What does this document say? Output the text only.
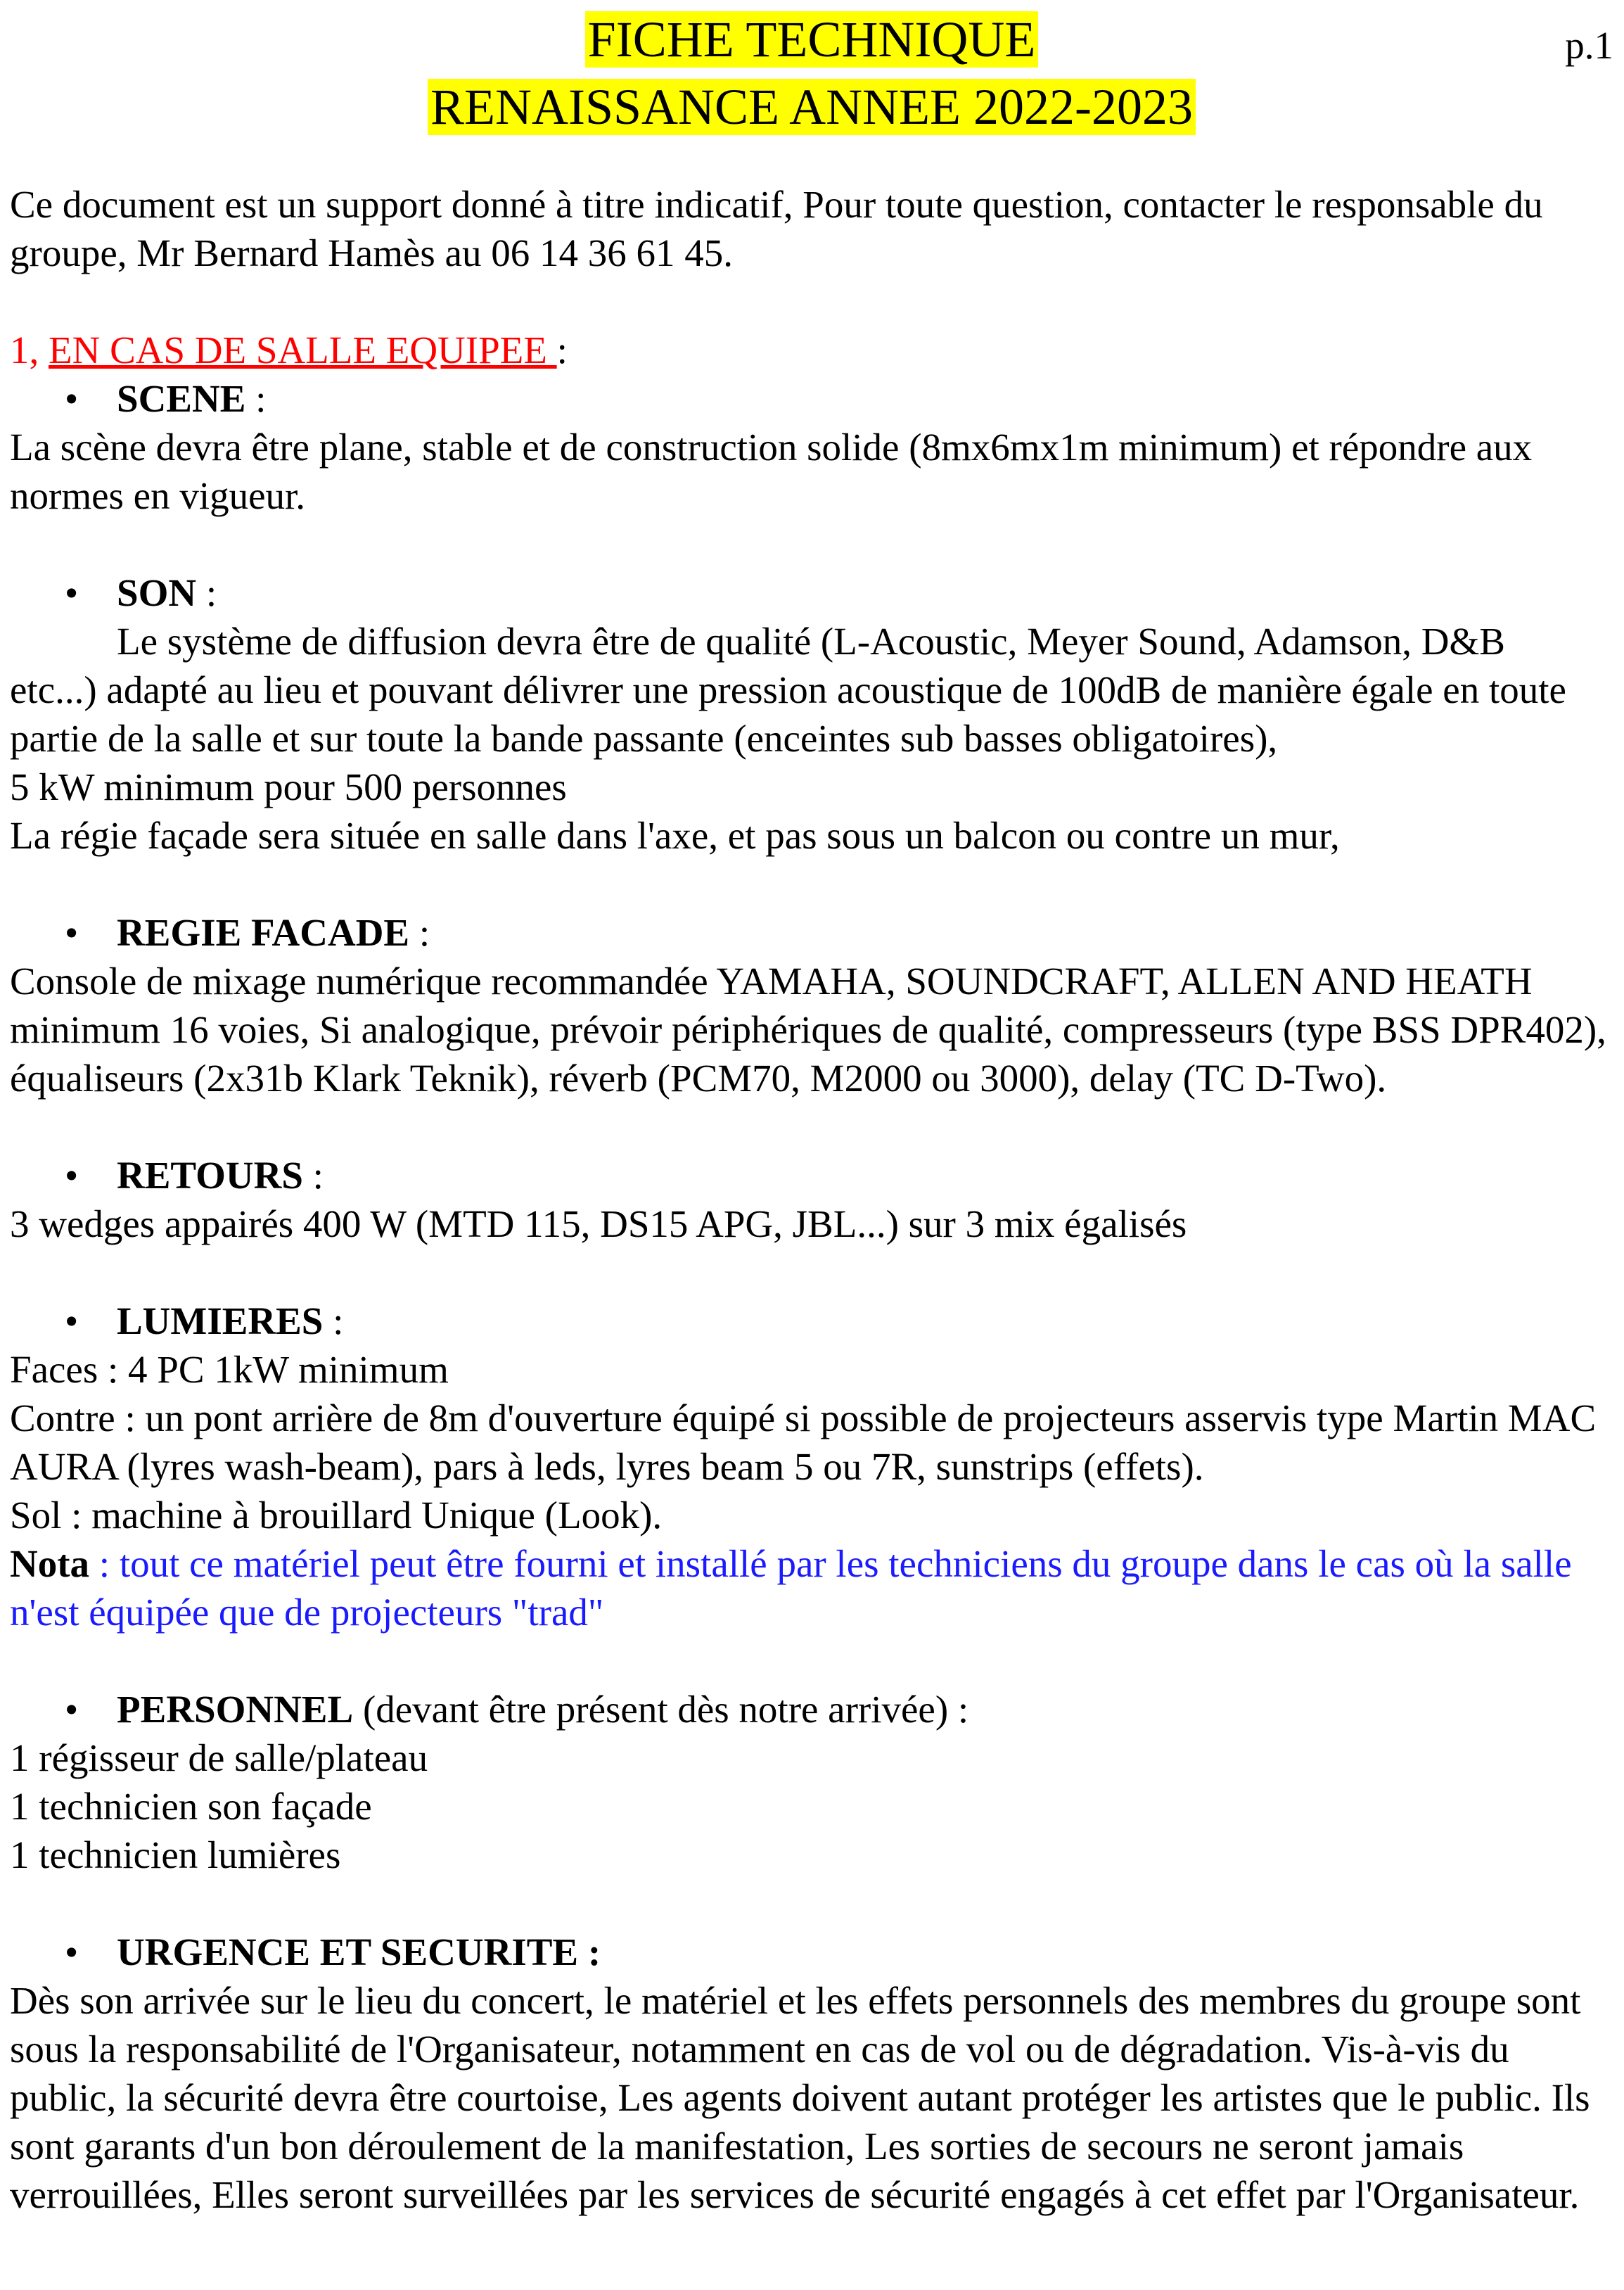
FICHE TECHNIQUE
RENAISSANCE ANNEE 2022-2023
p.1

Ce document est un support donné à titre indicatif, Pour toute question, contacter le responsable du groupe, Mr Bernard Hamès au 06 14 36 61 45.

1, EN CAS DE SALLE EQUIPEE :

• SCENE :

La scène devra être plane, stable et de construction solide (8mx6mx1m minimum) et répondre aux normes en vigueur.

• SON :

Le système de diffusion devra être de qualité (L-Acoustic, Meyer Sound, Adamson, D&B

etc...) adapté au lieu et pouvant délivrer une pression acoustique de 100dB de manière égale en toute partie de la salle et sur toute la bande passante (enceintes sub basses obligatoires),

5 kW minimum pour 500 personnes

La régie façade sera située en salle dans l'axe, et pas sous un balcon ou contre un mur,

• REGIE FACADE :

Console de mixage numérique recommandée YAMAHA, SOUNDCRAFT, ALLEN AND HEATH minimum 16 voies, Si analogique, prévoir périphériques de qualité, compresseurs (type BSS DPR402), équaliseurs (2x31b Klark Teknik), réverb (PCM70, M2000 ou 3000), delay (TC D-Two).

• RETOURS :

3 wedges appairés 400 W (MTD 115, DS15 APG, JBL...) sur 3 mix égalisés

• LUMIERES :

Faces : 4 PC 1kW minimum

Contre : un pont arrière de 8m d'ouverture équipé si possible de projecteurs asservis type Martin MAC AURA (lyres wash-beam), pars à leds, lyres beam 5 ou 7R, sunstrips (effets).

Sol : machine à brouillard Unique (Look).

Nota : tout ce matériel peut être fourni et installé par les techniciens du groupe dans le cas où la salle n'est équipée que de projecteurs "trad"

• PERSONNEL (devant être présent dès notre arrivée) :

1 régisseur de salle/plateau

1 technicien son façade

1 technicien lumières

• URGENCE ET SECURITE :

Dès son arrivée sur le lieu du concert, le matériel et les effets personnels des membres du groupe sont sous la responsabilité de l'Organisateur, notamment en cas de vol ou de dégradation. Vis-à-vis du public, la sécurité devra être courtoise, Les agents doivent autant protéger les artistes que le public. Ils sont garants d'un bon déroulement de la manifestation, Les sorties de secours ne seront jamais verrouillées, Elles seront surveillées par les services de sécurité engagés à cet effet par l'Organisateur.
